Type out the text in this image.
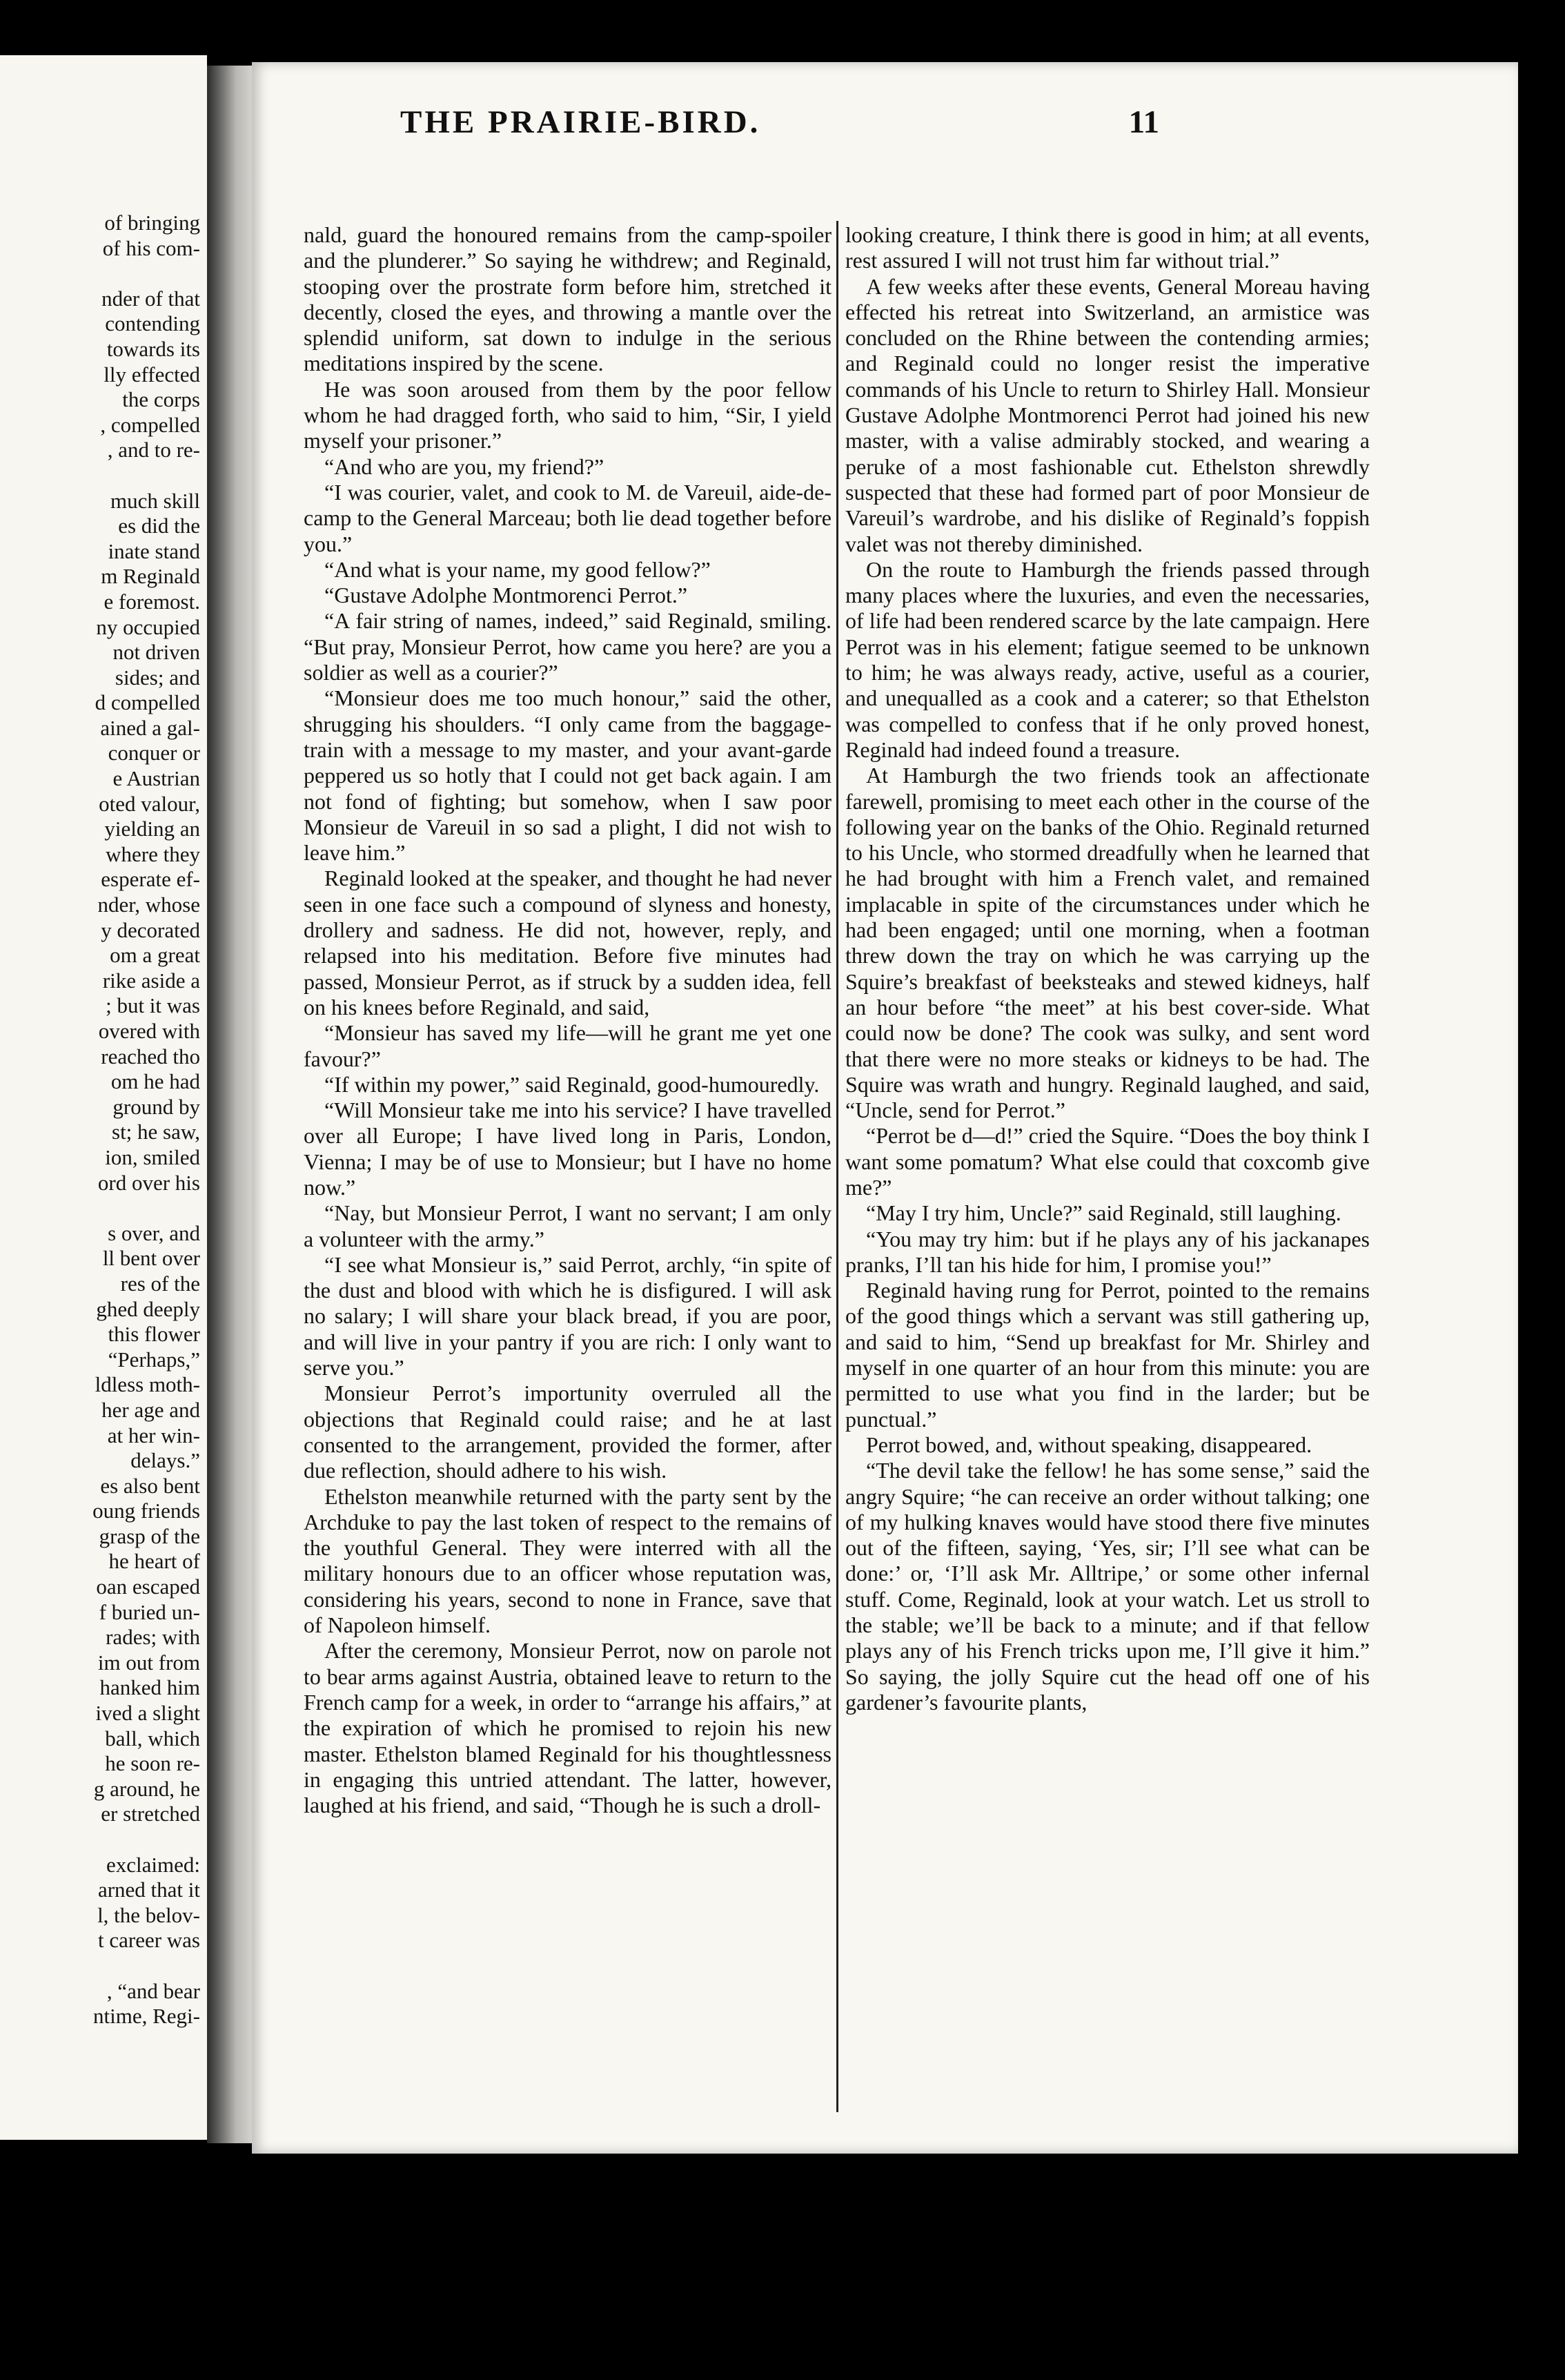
of bringing
of his com-

nder of that
contending
towards its
lly effected
the corps
, compelled
, and to re-

much skill
es did the
inate stand
m Reginald
e foremost.
ny occupied
not driven
sides; and
d compelled
ained a gal-
conquer or
e Austrian
oted valour,
yielding an
where they
esperate ef-
nder, whose
y decorated
om a great
rike aside a
; but it was
overed with
reached tho
om he had
ground by
st; he saw,
ion, smiled
ord over his

s over, and
ll bent over
res of the
ghed deeply
this flower
“Perhaps,”
ldless moth-
her age and
at her win-
delays.”
es also bent
oung friends
grasp of the
he heart of
oan escaped
f buried un-
rades; with
im out from
hanked him
ived a slight
ball, which
he soon re-
g around, he
er stretched

exclaimed:
arned that it
l, the belov-
t career was

, “and bear
ntime, Regi-
THE PRAIRIE-BIRD.	11

nald, guard the honoured remains from the camp-spoiler and the plunderer.” So saying he withdrew; and Reginald, stooping over the prostrate form before him, stretched it decently, closed the eyes, and throwing a mantle over the splendid uniform, sat down to indulge in the serious meditations inspired by the scene.

He was soon aroused from them by the poor fellow whom he had dragged forth, who said to him, “Sir, I yield myself your prisoner.”

“And who are you, my friend?”

“I was courier, valet, and cook to M. de Vareuil, aide-de-camp to the General Marceau; both lie dead together before you.”

“And what is your name, my good fellow?”

“Gustave Adolphe Montmorenci Perrot.”

“A fair string of names, indeed,” said Reginald, smiling. “But pray, Monsieur Perrot, how came you here? are you a soldier as well as a courier?”

“Monsieur does me too much honour,” said the other, shrugging his shoulders. “I only came from the baggage-train with a message to my master, and your avant-garde peppered us so hotly that I could not get back again. I am not fond of fighting; but somehow, when I saw poor Monsieur de Vareuil in so sad a plight, I did not wish to leave him.”

Reginald looked at the speaker, and thought he had never seen in one face such a compound of slyness and honesty, drollery and sadness. He did not, however, reply, and relapsed into his meditation. Before five minutes had passed, Monsieur Perrot, as if struck by a sudden idea, fell on his knees before Reginald, and said,

“Monsieur has saved my life—will he grant me yet one favour?”

“If within my power,” said Reginald, good-humouredly.

“Will Monsieur take me into his service? I have travelled over all Europe; I have lived long in Paris, London, Vienna; I may be of use to Monsieur; but I have no home now.”

“Nay, but Monsieur Perrot, I want no servant; I am only a volunteer with the army.”

“I see what Monsieur is,” said Perrot, archly, “in spite of the dust and blood with which he is disfigured. I will ask no salary; I will share your black bread, if you are poor, and will live in your pantry if you are rich: I only want to serve you.”

Monsieur Perrot’s importunity overruled all the objections that Reginald could raise; and he at last consented to the arrangement, provided the former, after due reflection, should adhere to his wish.

Ethelston meanwhile returned with the party sent by the Archduke to pay the last token of respect to the remains of the youthful General. They were interred with all the military honours due to an officer whose reputation was, considering his years, second to none in France, save that of Napoleon himself.

After the ceremony, Monsieur Perrot, now on parole not to bear arms against Austria, obtained leave to return to the French camp for a week, in order to “arrange his affairs,” at the expiration of which he promised to rejoin his new master. Ethelston blamed Reginald for his thoughtlessness in engaging this untried attendant. The latter, however, laughed at his friend, and said, “Though he is such a droll-

looking creature, I think there is good in him; at all events, rest assured I will not trust him far without trial.”

A few weeks after these events, General Moreau having effected his retreat into Switzerland, an armistice was concluded on the Rhine between the contending armies; and Reginald could no longer resist the imperative commands of his Uncle to return to Shirley Hall. Monsieur Gustave Adolphe Montmorenci Perrot had joined his new master, with a valise admirably stocked, and wearing a peruke of a most fashionable cut. Ethelston shrewdly suspected that these had formed part of poor Monsieur de Vareuil’s wardrobe, and his dislike of Reginald’s foppish valet was not thereby diminished.

On the route to Hamburgh the friends passed through many places where the luxuries, and even the necessaries, of life had been rendered scarce by the late campaign. Here Perrot was in his element; fatigue seemed to be unknown to him; he was always ready, active, useful as a courier, and unequalled as a cook and a caterer; so that Ethelston was compelled to confess that if he only proved honest, Reginald had indeed found a treasure.

At Hamburgh the two friends took an affectionate farewell, promising to meet each other in the course of the following year on the banks of the Ohio. Reginald returned to his Uncle, who stormed dreadfully when he learned that he had brought with him a French valet, and remained implacable in spite of the circumstances under which he had been engaged; until one morning, when a footman threw down the tray on which he was carrying up the Squire’s breakfast of beeksteaks and stewed kidneys, half an hour before “the meet” at his best cover-side. What could now be done? The cook was sulky, and sent word that there were no more steaks or kidneys to be had. The Squire was wrath and hungry. Reginald laughed, and said, “Uncle, send for Perrot.”

“Perrot be d—d!” cried the Squire. “Does the boy think I want some pomatum? What else could that coxcomb give me?”

“May I try him, Uncle?” said Reginald, still laughing.

“You may try him: but if he plays any of his jackanapes pranks, I’ll tan his hide for him, I promise you!”

Reginald having rung for Perrot, pointed to the remains of the good things which a servant was still gathering up, and said to him, “Send up breakfast for Mr. Shirley and myself in one quarter of an hour from this minute: you are permitted to use what you find in the larder; but be punctual.”

Perrot bowed, and, without speaking, disappeared.

“The devil take the fellow! he has some sense,” said the angry Squire; “he can receive an order without talking; one of my hulking knaves would have stood there five minutes out of the fifteen, saying, ‘Yes, sir; I’ll see what can be done:’ or, ‘I’ll ask Mr. Alltripe,’ or some other infernal stuff. Come, Reginald, look at your watch. Let us stroll to the stable; we’ll be back to a minute; and if that fellow plays any of his French tricks upon me, I’ll give it him.” So saying, the jolly Squire cut the head off one of his gardener’s favourite plants,
